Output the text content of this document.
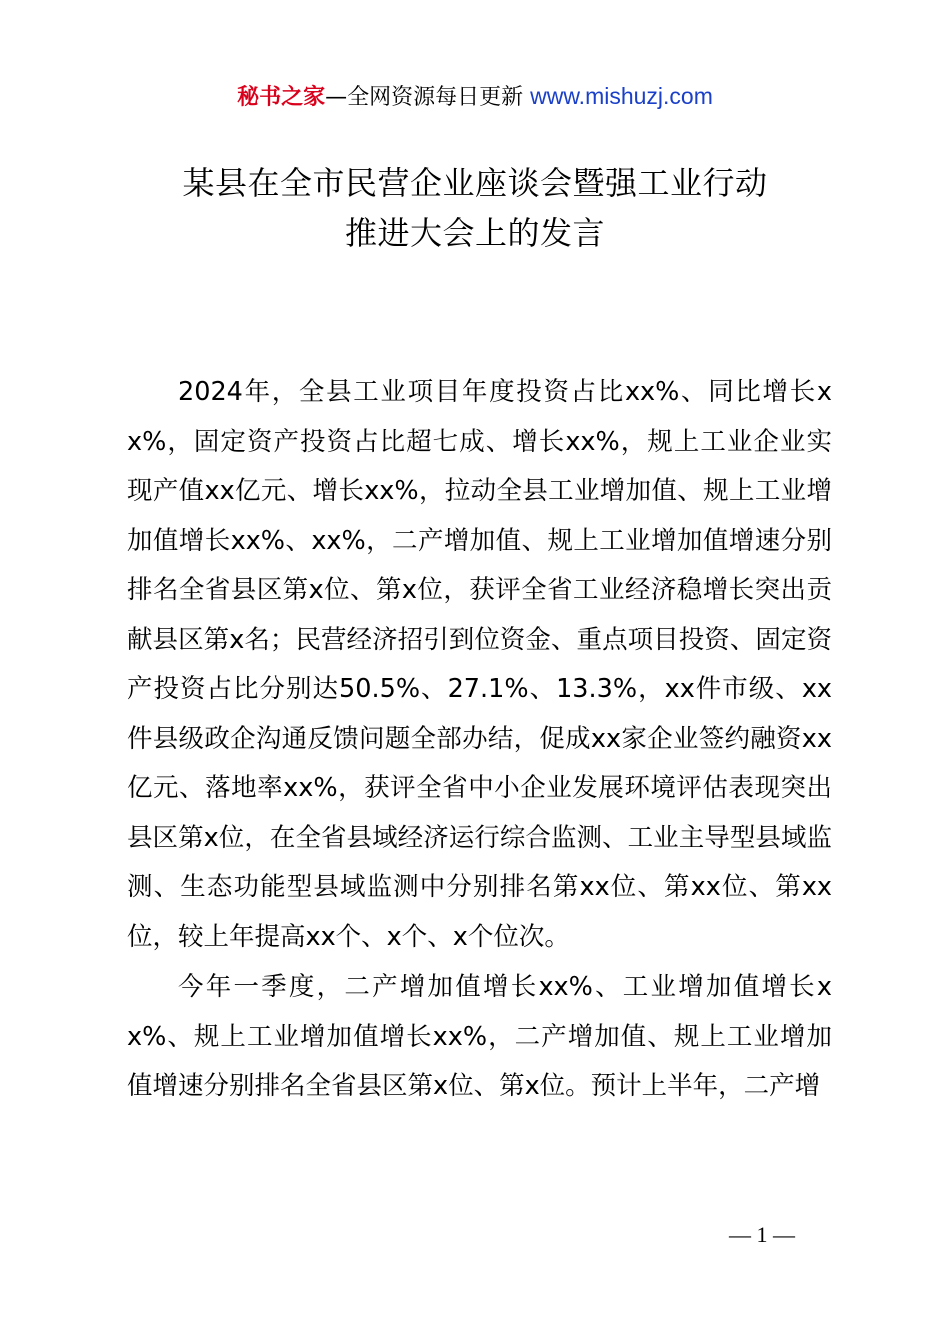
秘书之家—全网资源每日更新 www.mishuzj.com
某县在全市民营企业座谈会暨强工业行动
推进大会上的发言

2024年，全县工业项目年度投资占比xx%、同比增长xx%，固定资产投资占比超七成、增长xx%，规上工业企业实现产值xx亿元、增长xx%，拉动全县工业增加值、规上工业增加值增长xx%、xx%，二产增加值、规上工业增加值增速分别排名全省县区第x位、第x位，获评全省工业经济稳增长突出贡献县区第x名；民营经济招引到位资金、重点项目投资、固定资产投资占比分别达50.5%、27.1%、13.3%，xx件市级、xx件县级政企沟通反馈问题全部办结，促成xx家企业签约融资xx亿元、落地率xx%，获评全省中小企业发展环境评估表现突出县区第x位，在全省县域经济运行综合监测、工业主导型县域监测、生态功能型县域监测中分别排名第xx位、第xx位、第xx位，较上年提高xx个、x个、x个位次。

今年一季度，二产增加值增长xx%、工业增加值增长xx%、规上工业增加值增长xx%，二产增加值、规上工业增加值增速分别排名全省县区第x位、第x位。预计上半年，二产增

— 1 —
